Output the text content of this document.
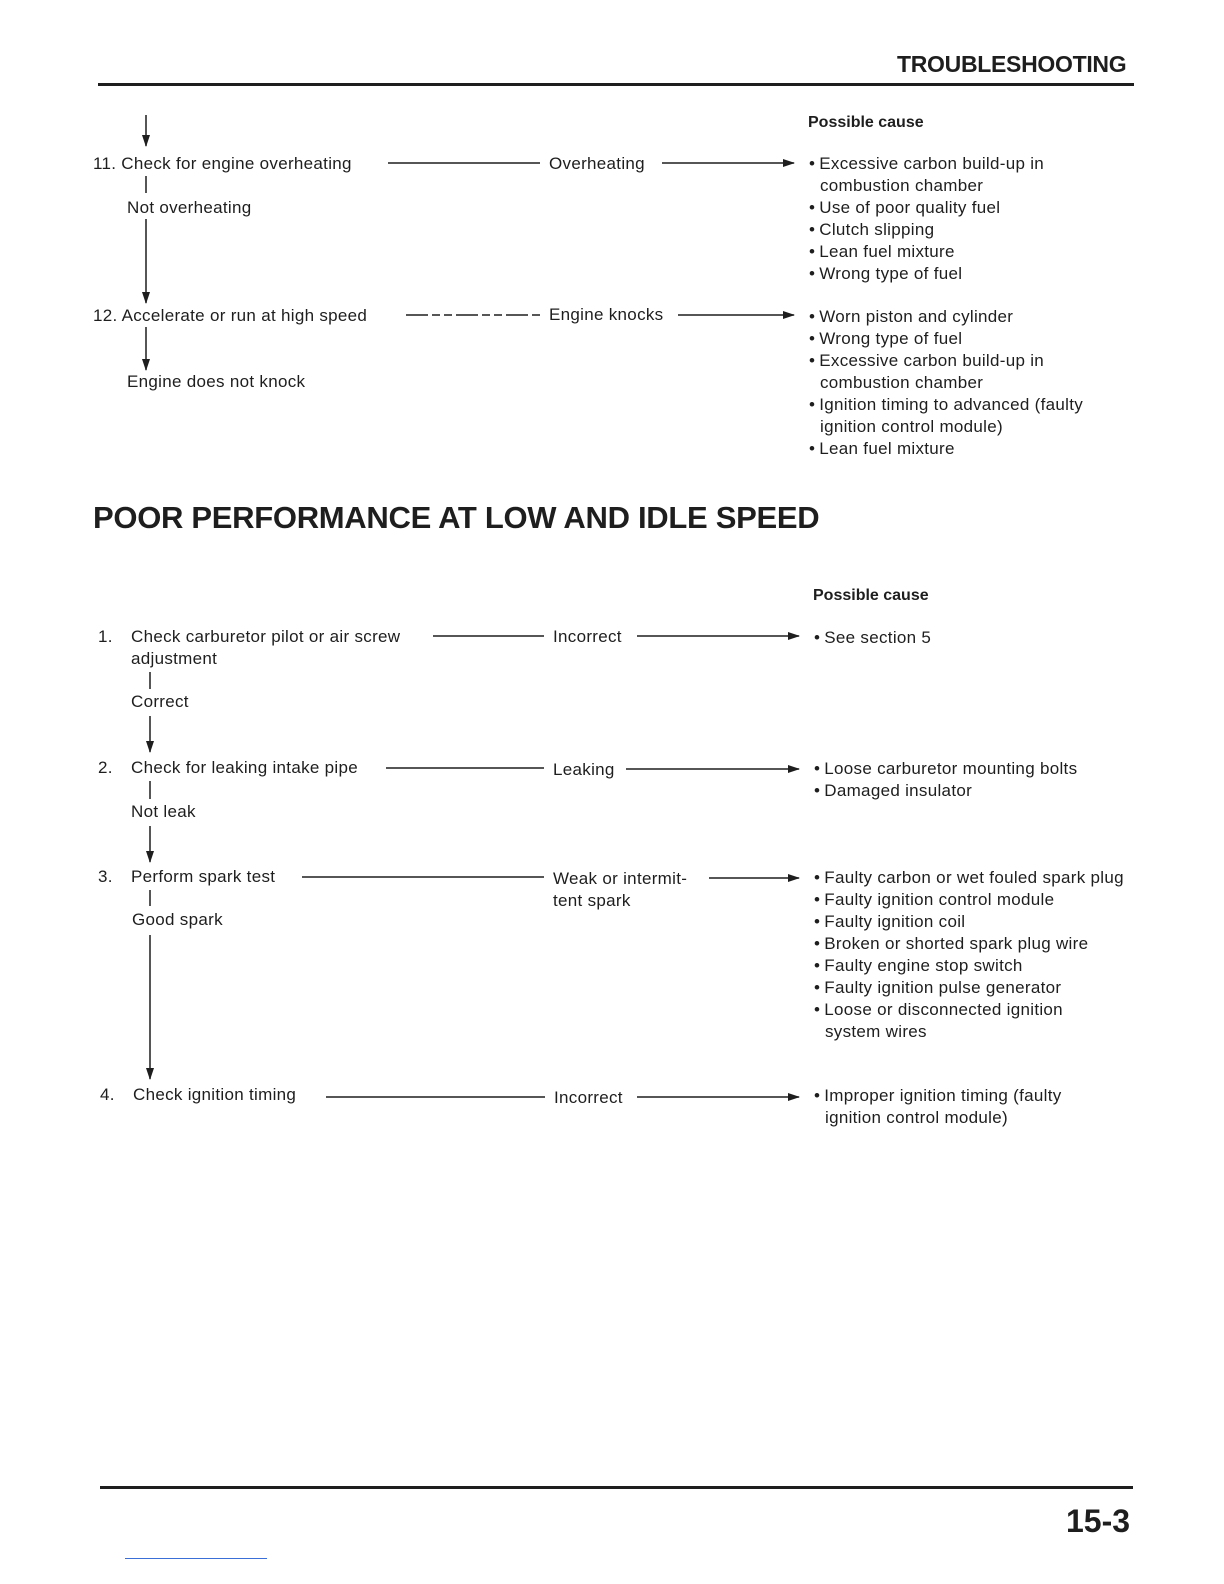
TROUBLESHOOTING
Possible cause
11. Check for engine overheating	Overheating
Not overheating
• Excessive carbon build-up in combustion chamber
• Use of poor quality fuel
• Clutch slipping
• Lean fuel mixture
• Wrong type of fuel
12. Accelerate or run at high speed	Engine knocks
Engine does not knock
• Worn piston and cylinder
• Wrong type of fuel
• Excessive carbon build-up in combustion chamber
• Ignition timing to advanced (faulty ignition control module)
• Lean fuel mixture
POOR PERFORMANCE AT LOW AND IDLE SPEED
Possible cause
1. Check carburetor pilot or air screw
adjustment
Incorrect
Correct
• See section 5
2. Check for leaking intake pipe	Leaking
Not leak
• Loose carburetor mounting bolts
• Damaged insulator
3. Perform spark test	Weak or intermit-
tent spark
Good spark
• Faulty carbon or wet fouled spark plug
• Faulty ignition control module
• Faulty ignition coil
• Broken or shorted spark plug wire
• Faulty engine stop switch
• Faulty ignition pulse generator
• Loose or disconnected ignition system wires
4. Check ignition timing	Incorrect
•	Improper ignition timing (faulty ignition control module)
15-3
